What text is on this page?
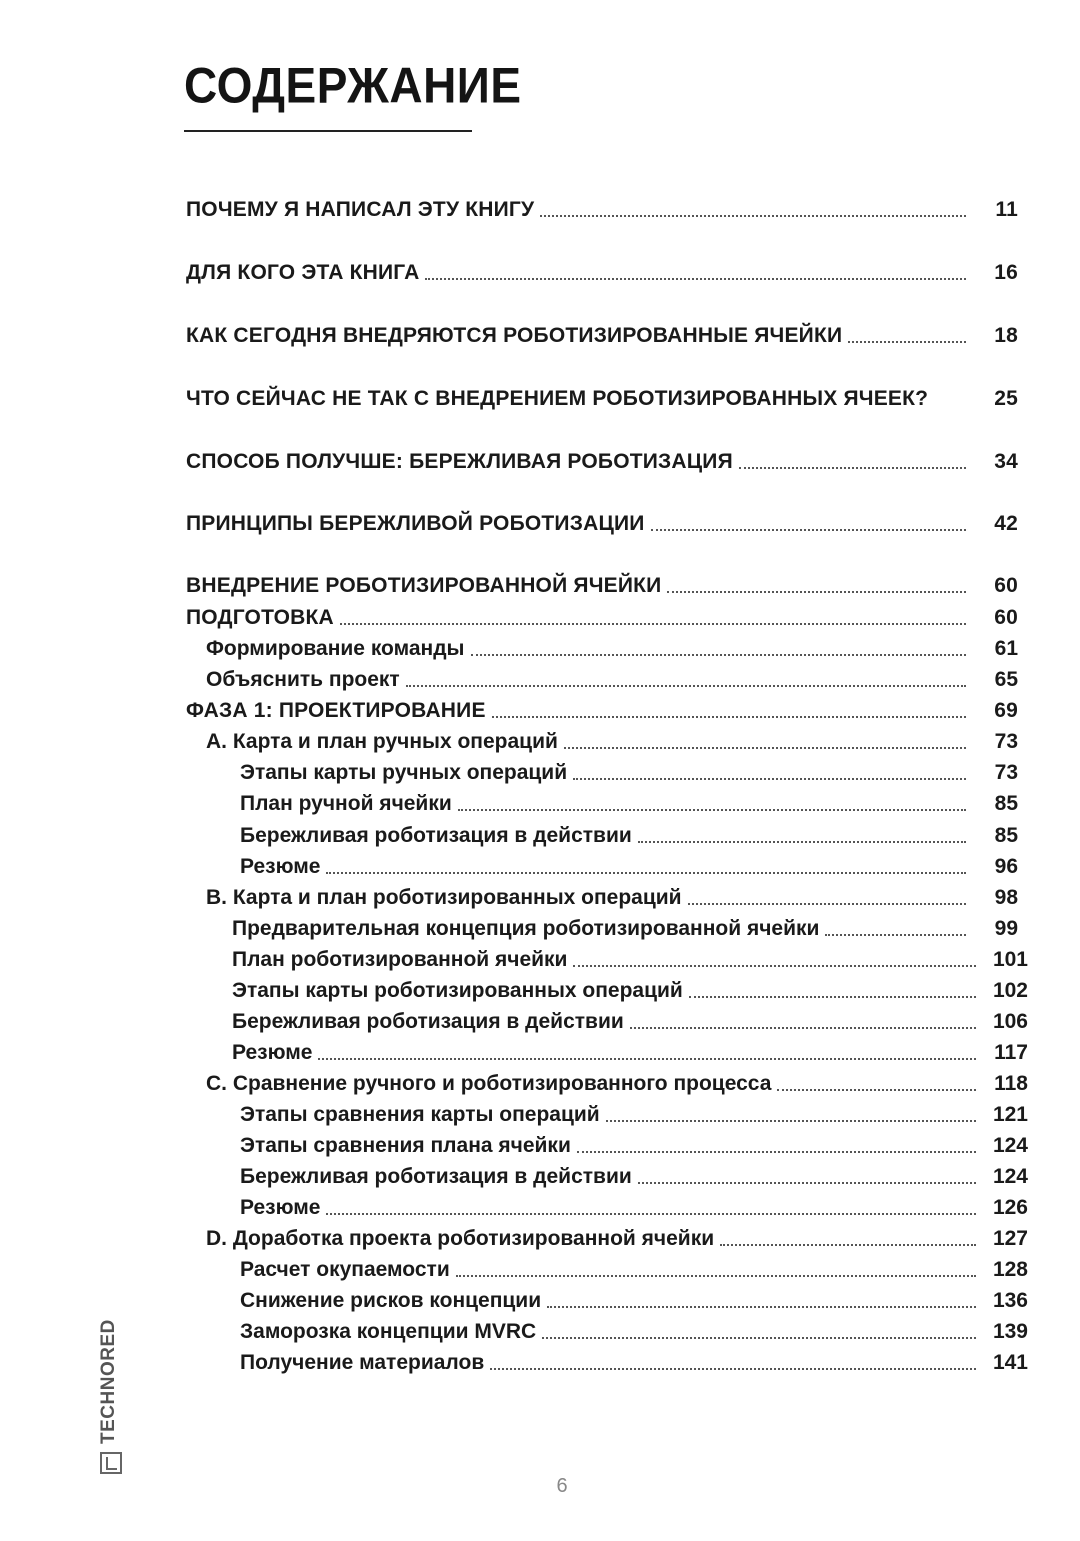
СОДЕРЖАНИЕ
ПОЧЕМУ Я НАПИСАЛ ЭТУ КНИГУ	11
ДЛЯ КОГО ЭТА КНИГА	16
КАК СЕГОДНЯ ВНЕДРЯЮТСЯ РОБОТИЗИРОВАННЫЕ ЯЧЕЙКИ	18
ЧТО СЕЙЧАС НЕ ТАК С ВНЕДРЕНИЕМ РОБОТИЗИРОВАННЫХ ЯЧЕЕК?	25
СПОСОБ ПОЛУЧШЕ: БЕРЕЖЛИВАЯ РОБОТИЗАЦИЯ	34
ПРИНЦИПЫ БЕРЕЖЛИВОЙ РОБОТИЗАЦИИ	42
ВНЕДРЕНИЕ РОБОТИЗИРОВАННОЙ ЯЧЕЙКИ	60
ПОДГОТОВКА	60
Формирование команды	61
Объяснить проект	65
ФАЗА 1: ПРОЕКТИРОВАНИЕ	69
A. Карта и план ручных операций	73
Этапы карты ручных операций	73
План ручной ячейки	85
Бережливая роботизация в действии	85
Резюме	96
B. Карта и план роботизированных операций	98
Предварительная концепция роботизированной ячейки	99
План роботизированной ячейки	101
Этапы карты роботизированных операций	102
Бережливая роботизация в действии	106
Резюме	117
C. Сравнение ручного и роботизированного процесса	118
Этапы сравнения карты операций	121
Этапы сравнения плана ячейки	124
Бережливая роботизация в действии	124
Резюме	126
D. Доработка проекта роботизированной ячейки	127
Расчет окупаемости	128
Снижение рисков концепции	136
Заморозка концепции MVRC	139
Получение материалов	141
TECHNORED
6
